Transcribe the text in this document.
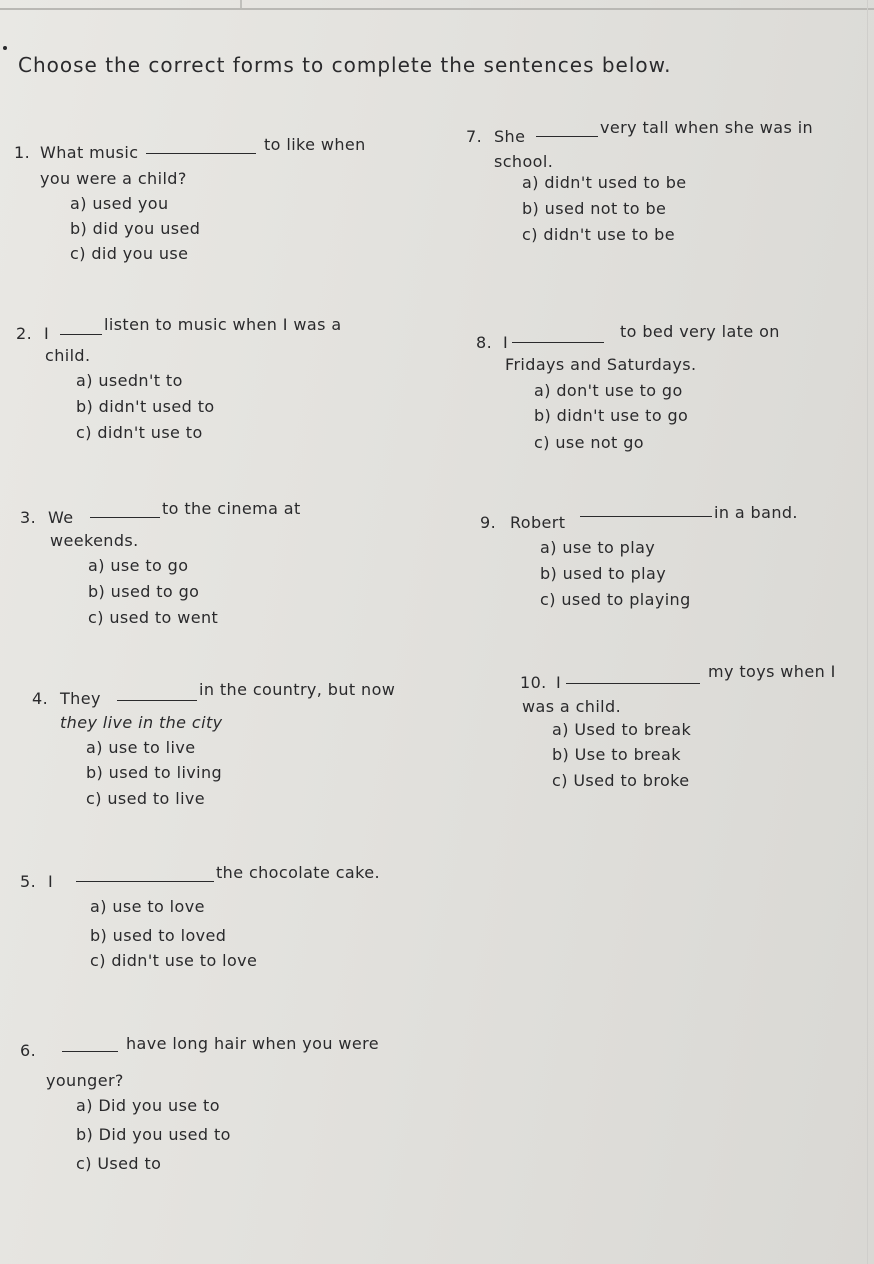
Choose the correct forms to complete the sentences below.
1. What music	to like when
you were a child?
a) used you
b) did you used
c) did you use
2. I	listen to music when I was a
child.
a) usedn't to
b) didn't used to
c) didn't use to
3. We	to the cinema at
weekends.
a) use to go
b) used to go
c) used to went
4. They	in the country, but now
they live in the city
a) use to live
b) used to living
c) used to live
5. I	the chocolate cake.
a) use to love
b) used to loved
c) didn't use to love
6.	have long hair when you were
younger?
a) Did you use to
b) Did you used to
c) Used to
7. She	very tall when she was in
school.
a) didn't used to be
b) used not to be
c) didn't use to be
8. I
to bed very late on
Fridays and Saturdays.
a) don't use to go
b) didn't use to go
c) use not go
9. Robert
in a band.
a) use to play
b) used to play
c) used to playing
10. I
my toys when I
was a child.
a) Used to break
b) Use to break
c) Used to broke
